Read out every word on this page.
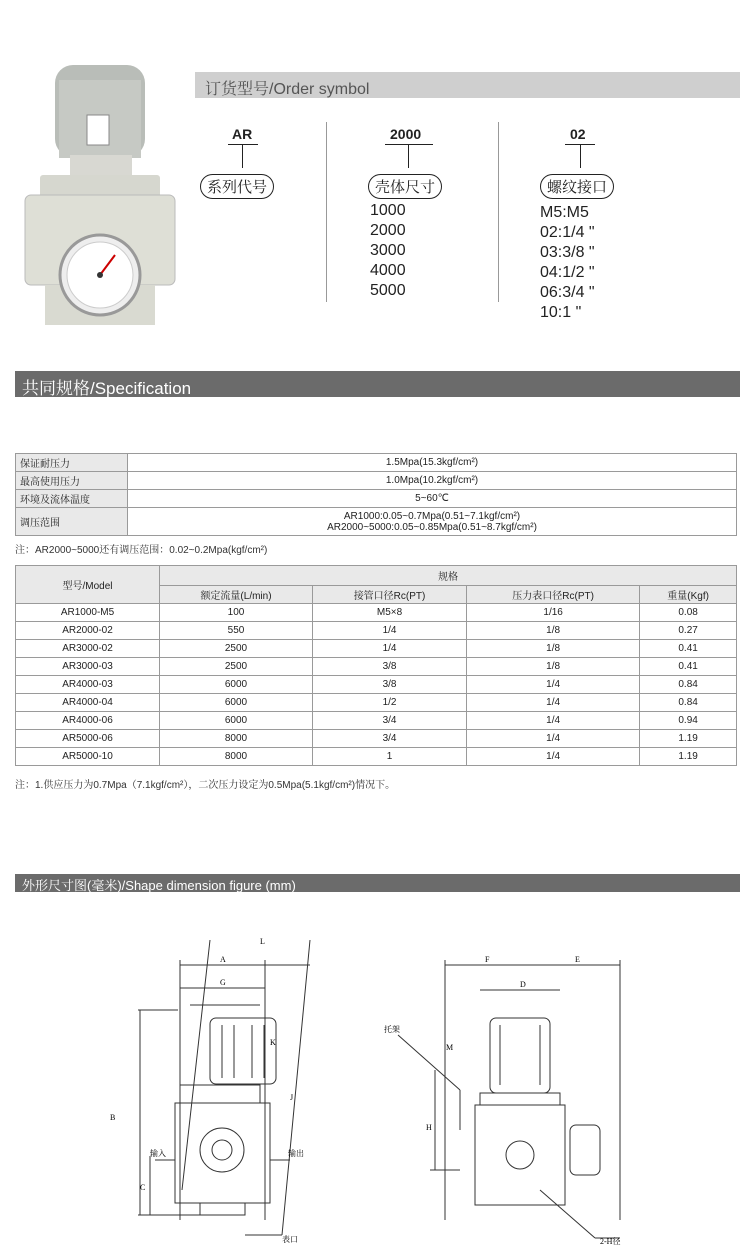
订货型号/Order symbol
AR
系列代号
2000
壳体尺寸
1000
2000
3000
4000
5000
02
螺纹接口
M5:M5
02:1/4 "
03:3/8 "
04:1/2 "
06:3/4 "
10:1 "
共同规格/Specification
保证耐压力	1.5Mpa(15.3kgf/cm²)
最高使用压力	1.0Mpa(10.2kgf/cm²)
环境及流体温度	5~60℃
调压范围	AR1000:0.05~0.7Mpa(0.51~7.1kgf/cm²)
AR2000~5000:0.05~0.85Mpa(0.51~8.7kgf/cm²)
注：AR2000~5000还有调压范围：0.02~0.2Mpa(kgf/cm²)
型号/Model	规格			
	额定流量(L/min)	接管口径Rc(PT)	压力表口径Rc(PT)	重量(Kgf)
AR1000-M5	100	M5×8	1/16	0.08
AR2000-02	550	1/4	1/8	0.27
AR3000-02	2500	1/4	1/8	0.41
AR3000-03	2500	3/8	1/8	0.41
AR4000-03	6000	3/8	1/4	0.84
AR4000-04	6000	1/2	1/4	0.84
AR4000-06	6000	3/4	1/4	0.94
AR5000-06	8000	3/4	1/4	1.19
AR5000-10	8000	1	1/4	1.19
注：1.供应压力为0.7Mpa（7.1kgf/cm²），二次压力设定为0.5Mpa(5.1kgf/cm²)情况下。
外形尺寸图(毫米)/Shape dimension figure (mm)
L
A
G
K
J
B
C
输入	输出
表口
F	E
D
M
H
托架
2-H径
